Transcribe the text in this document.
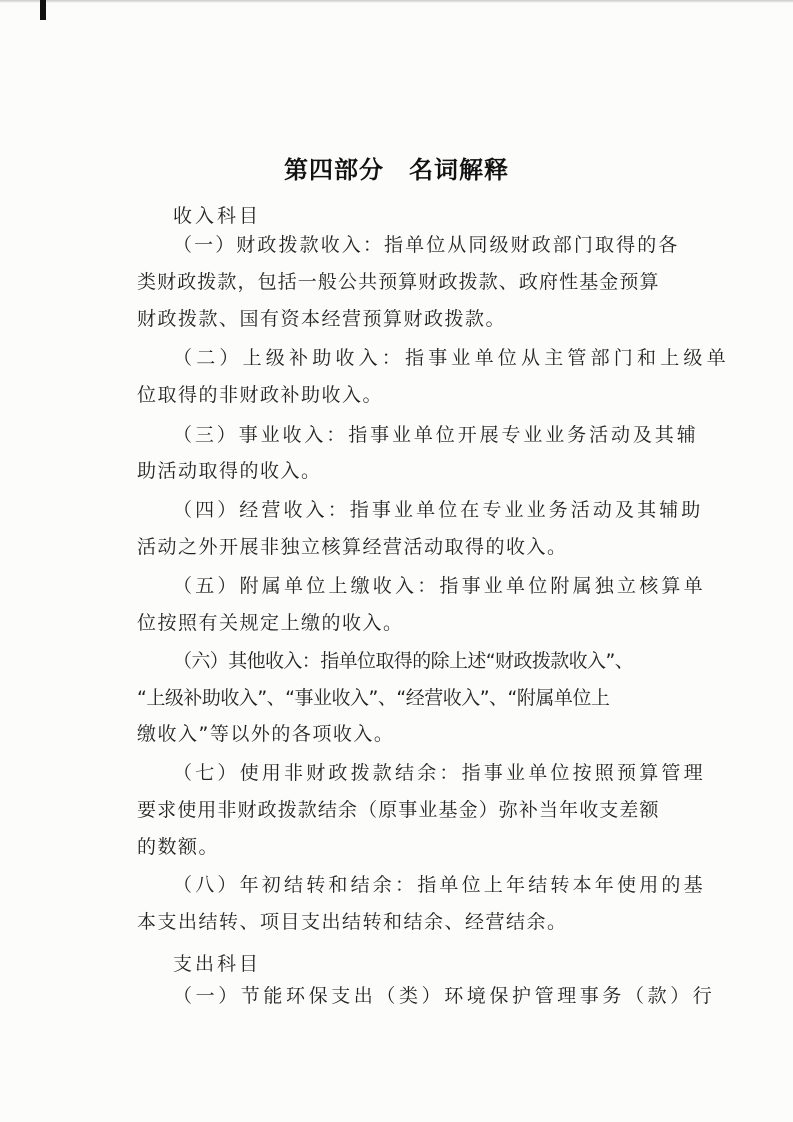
第四部分　名词解释
收入科目
（一）财政拨款收入：指单位从同级财政部门取得的各
类财政拨款，包括一般公共预算财政拨款、政府性基金预算
财政拨款、国有资本经营预算财政拨款。
（二）上级补助收入：指事业单位从主管部门和上级单
位取得的非财政补助收入。
（三）事业收入：指事业单位开展专业业务活动及其辅
助活动取得的收入。
（四）经营收入：指事业单位在专业业务活动及其辅助
活动之外开展非独立核算经营活动取得的收入。
（五）附属单位上缴收入：指事业单位附属独立核算单
位按照有关规定上缴的收入。
（六）其他收入：指单位取得的除上述“财政拨款收入”、
“上级补助收入”、“事业收入”、“经营收入”、“附属单位上
缴收入”等以外的各项收入。
（七）使用非财政拨款结余：指事业单位按照预算管理
要求使用非财政拨款结余（原事业基金）弥补当年收支差额
的数额。
（八）年初结转和结余：指单位上年结转本年使用的基
本支出结转、项目支出结转和结余、经营结余。
支出科目
（一）节能环保支出（类）环境保护管理事务（款）行
